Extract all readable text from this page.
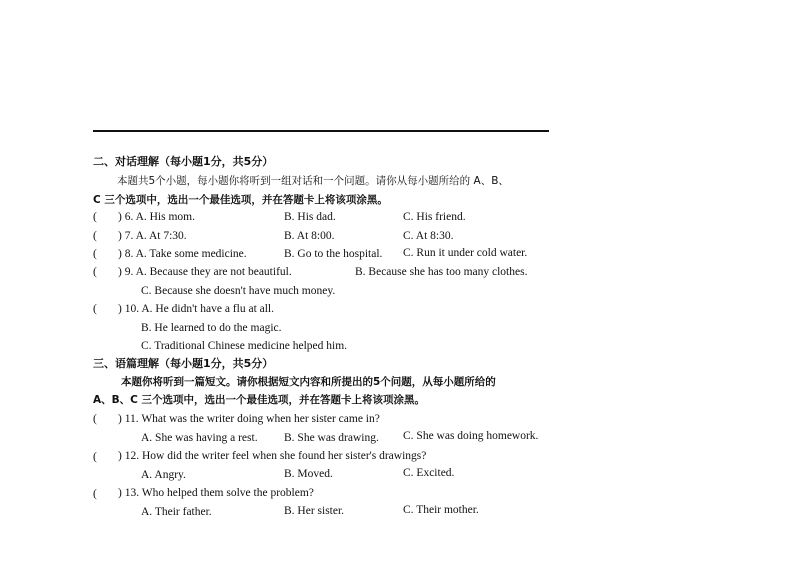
二、对话理解（每小题1分，共5分）
本题共5个小题，每小题你将听到一组对话和一个问题。请你从每小题所给的 A、B、
C 三个选项中，选出一个最佳选项，并在答题卡上将该项涂黑。
( ) 6. A. His mom.	B. His dad.	C. His friend.
( ) 7. A. At 7:30.	B. At 8:00.	C. At 8:30.
( ) 8. A. Take some medicine.	B. Go to the hospital. C. Run it under cold water.
( ) 9. A. Because they are not beautiful.	B. Because she has too many clothes.
C. Because she doesn't have much money.
( ) 10. A. He didn't have a flu at all.
B. He learned to do the magic.
C. Traditional Chinese medicine helped him.
三、语篇理解（每小题1分，共5分）
本题你将听到一篇短文。请你根据短文内容和所提出的5个问题，从每小题所给的
A、B、C 三个选项中，选出一个最佳选项，并在答题卡上将该项涂黑。
( ) 11. What was the writer doing when her sister came in?
A. She was having a rest. B. She was drawing. C. She was doing homework.
( ) 12. How did the writer feel when she found her sister's drawings?
A. Angry.	B. Moved.	C. Excited.
( ) 13. Who helped them solve the problem?
A. Their father.	B. Her sister.	C. Their mother.
